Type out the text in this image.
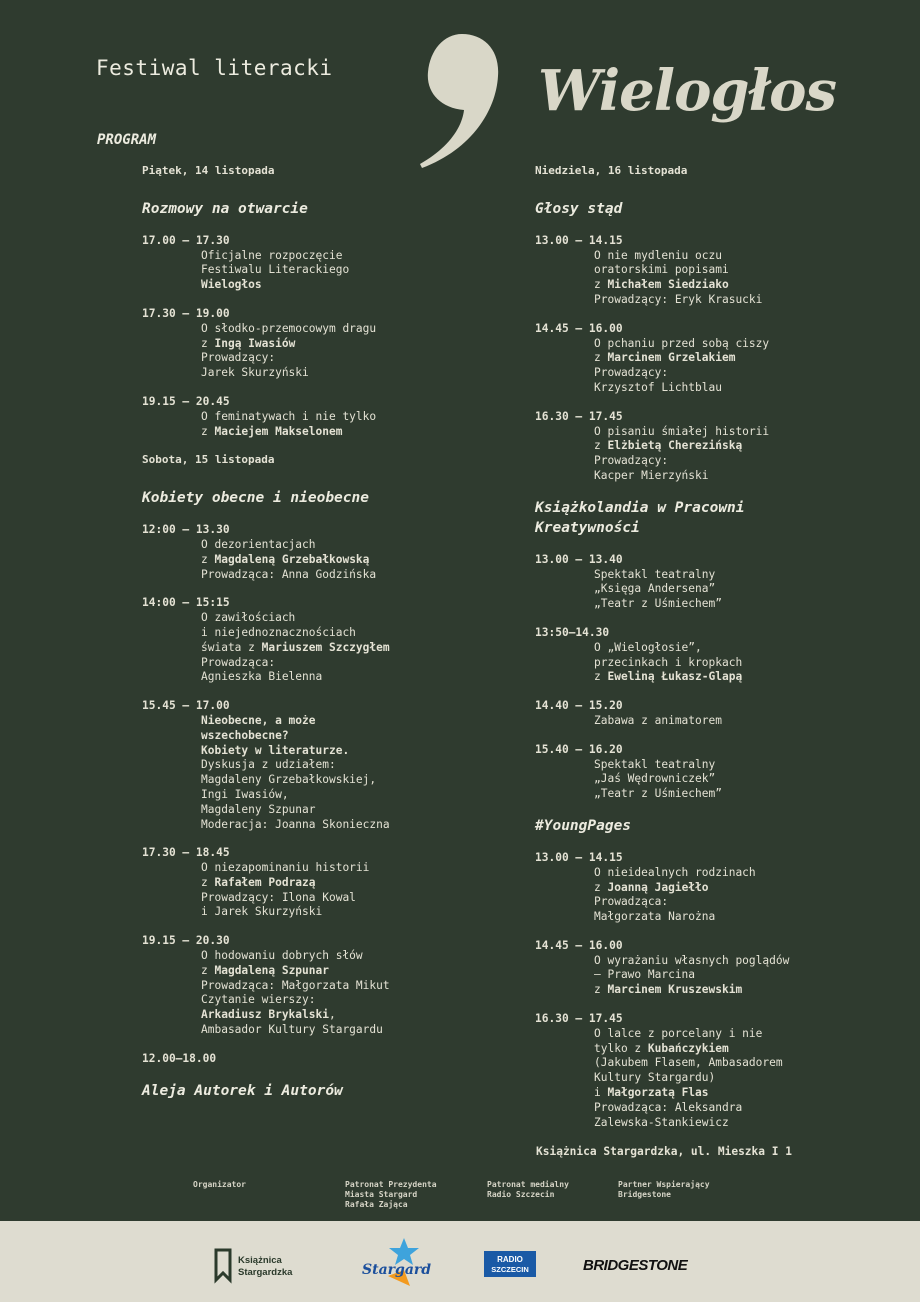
Festiwal literacki	Wielogłos
PROGRAM
Piątek, 14 listopada
Rozmowy na otwarcie
17.00 – 17.30
Oficjalne rozpoczęcie
Festiwalu Literackiego
Wielogłos
17.30 – 19.00
O słodko-przemocowym dragu
z Ingą Iwasiów
Prowadzący:
Jarek Skurzyński
19.15 – 20.45
O feminatywach i nie tylko
z Maciejem Makselonem
Sobota, 15 listopada
Kobiety obecne i nieobecne
12:00 – 13.30
O dezorientacjach
z Magdaleną Grzebałkowską
Prowadząca: Anna Godzińska
14:00 – 15:15
O zawiłościach
i niejednoznacznościach
świata z Mariuszem Szczygłem
Prowadząca:
Agnieszka Bielenna
15.45 – 17.00
Nieobecne, a może
wszechobecne?
Kobiety w literaturze.
Dyskusja z udziałem:
Magdaleny Grzebałkowskiej,
Ingi Iwasiów,
Magdaleny Szpunar
Moderacja: Joanna Skonieczna
17.30 – 18.45
O niezapominaniu historii
z Rafałem Podrazą
Prowadzący: Ilona Kowal
i Jarek Skurzyński
19.15 – 20.30
O hodowaniu dobrych słów
z Magdaleną Szpunar
Prowadząca: Małgorzata Mikut
Czytanie wierszy:
Arkadiusz Brykalski,
Ambasador Kultury Stargardu
12.00–18.00
Aleja Autorek i Autorów
Niedziela, 16 listopada
Głosy stąd
13.00 – 14.15
O nie mydleniu oczu
oratorskimi popisami
z Michałem Siedziako
Prowadzący: Eryk Krasucki
14.45 – 16.00
O pchaniu przed sobą ciszy
z Marcinem Grzelakiem
Prowadzący:
Krzysztof Lichtblau
16.30 – 17.45
O pisaniu śmiałej historii
z Elżbietą Cherezińską
Prowadzący:
Kacper Mierzyński
Książkolandia w Pracowni Kreatywności
13.00 – 13.40
Spektakl teatralny
„Księga Andersena”
„Teatr z Uśmiechem”
13:50–14.30
O „Wielogłosie”,
przecinkach i kropkach
z Eweliną Łukasz-Glapą
14.40 – 15.20
Zabawa z animatorem
15.40 – 16.20
Spektakl teatralny
„Jaś Wędrowniczek”
„Teatr z Uśmiechem”
#YoungPages
13.00 – 14.15
O nieidealnych rodzinach
z Joanną Jagiełło
Prowadząca:
Małgorzata Narożna
14.45 – 16.00
O wyrażaniu własnych poglądów
– Prawo Marcina
z Marcinem Kruszewskim
16.30 – 17.45
O lalce z porcelany i nie
tylko z Kubańczykiem
(Jakubem Flasem, Ambasadorem
Kultury Stargardu)
i Małgorzatą Flas
Prowadząca: Aleksandra
Zalewska-Stankiewicz
Książnica Stargardzka, ul. Mieszka I 1
Organizator	Patronat Prezydenta
Miasta Stargard
Rafała Zająca
Patronat medialny
Radio Szczecin
Partner Wspierający
Bridgestone
Książnica
Stargardzka	Stargard
RADIO
SZCZECIN	BRIDGESTONE
